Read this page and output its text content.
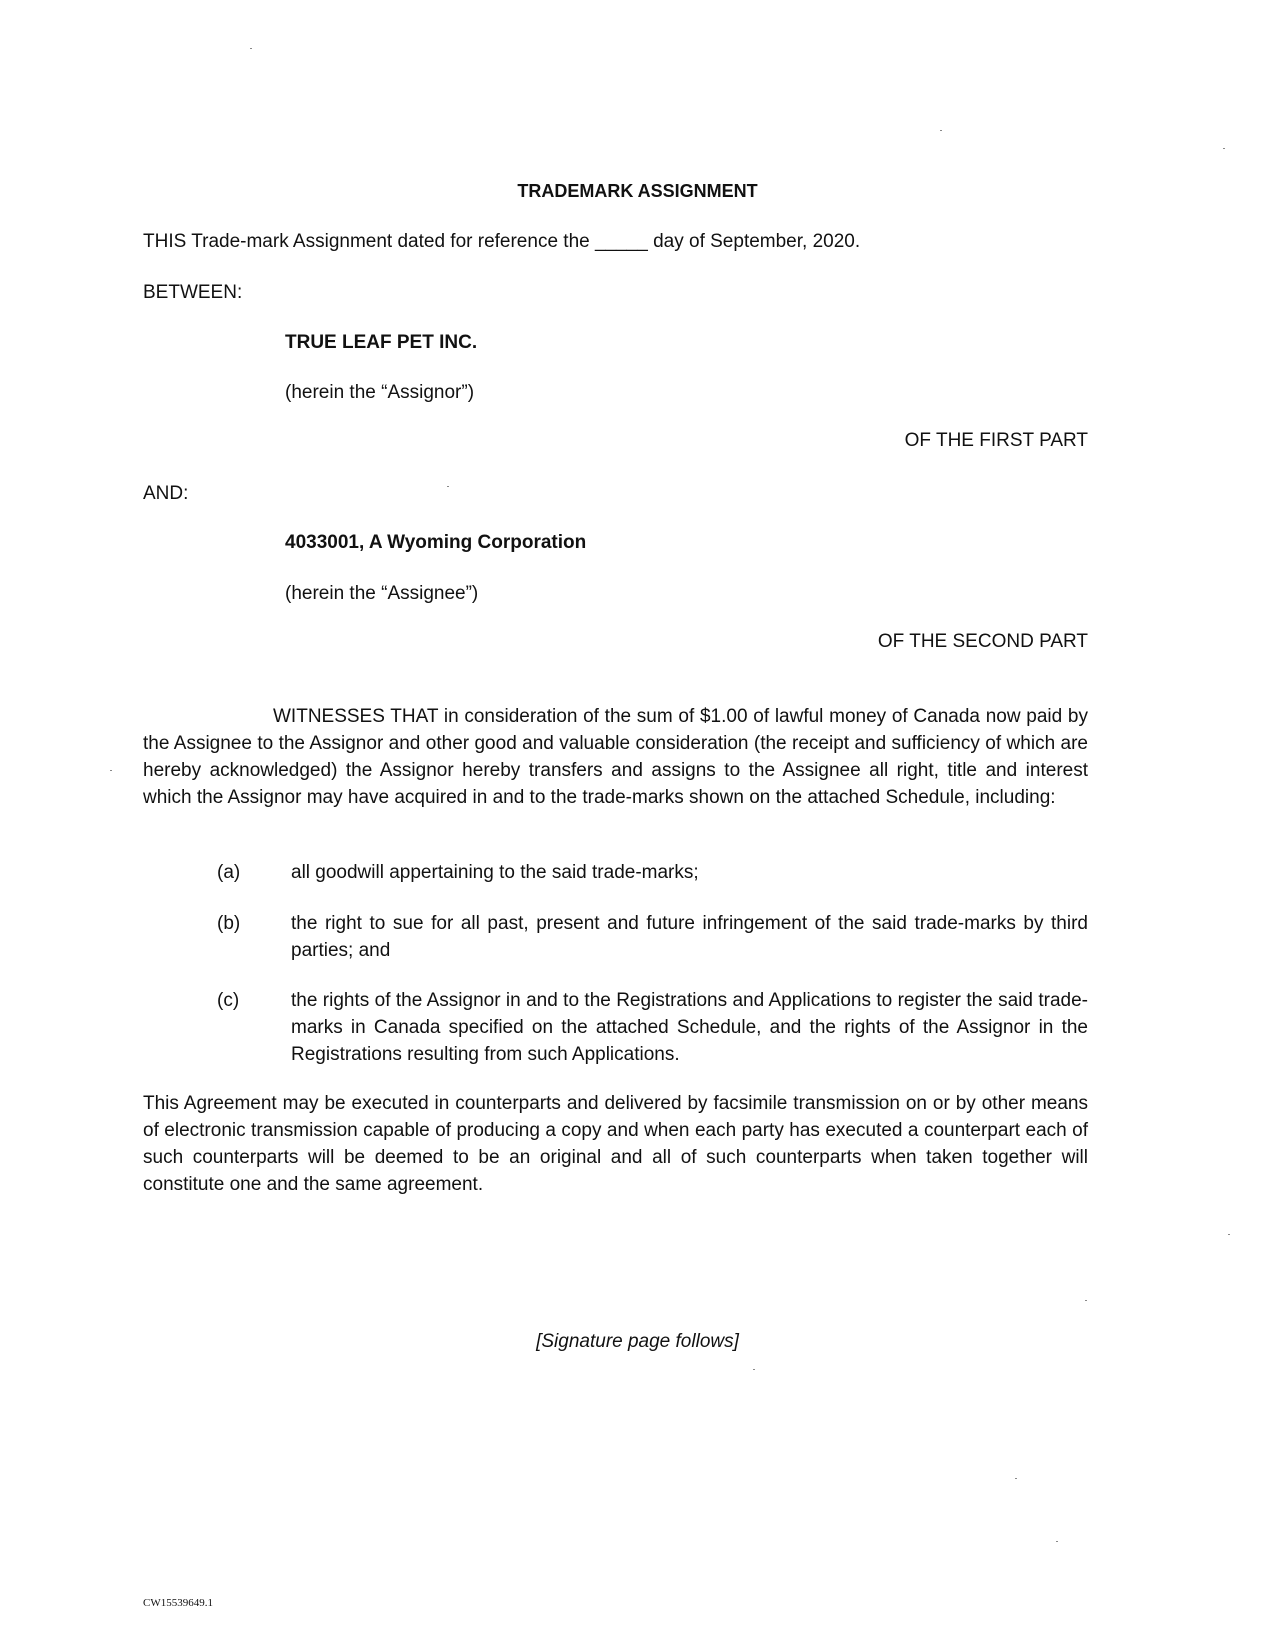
TRADEMARK ASSIGNMENT
THIS Trade-mark Assignment dated for reference the _____ day of September, 2020.
BETWEEN:
TRUE LEAF PET INC.
(herein the “Assignor”)
OF THE FIRST PART
AND:
4033001, A Wyoming Corporation
(herein the “Assignee”)
OF THE SECOND PART
WITNESSES THAT in consideration of the sum of $1.00 of lawful money of Canada now paid by the Assignee to the Assignor and other good and valuable consideration (the receipt and sufficiency of which are hereby acknowledged) the Assignor hereby transfers and assigns to the Assignee all right, title and interest which the Assignor may have acquired in and to the trade-marks shown on the attached Schedule, including:
(a)	all goodwill appertaining to the said trade-marks;
(b)	the right to sue for all past, present and future infringement of the said trade-marks by third parties; and
(c)	the rights of the Assignor in and to the Registrations and Applications to register the said trade-marks in Canada specified on the attached Schedule, and the rights of the Assignor in the Registrations resulting from such Applications.
This Agreement may be executed in counterparts and delivered by facsimile transmission on or by other means of electronic transmission capable of producing a copy and when each party has executed a counterpart each of such counterparts will be deemed to be an original and all of such counterparts when taken together will constitute one and the same agreement.
[Signature page follows]
CW15539649.1
